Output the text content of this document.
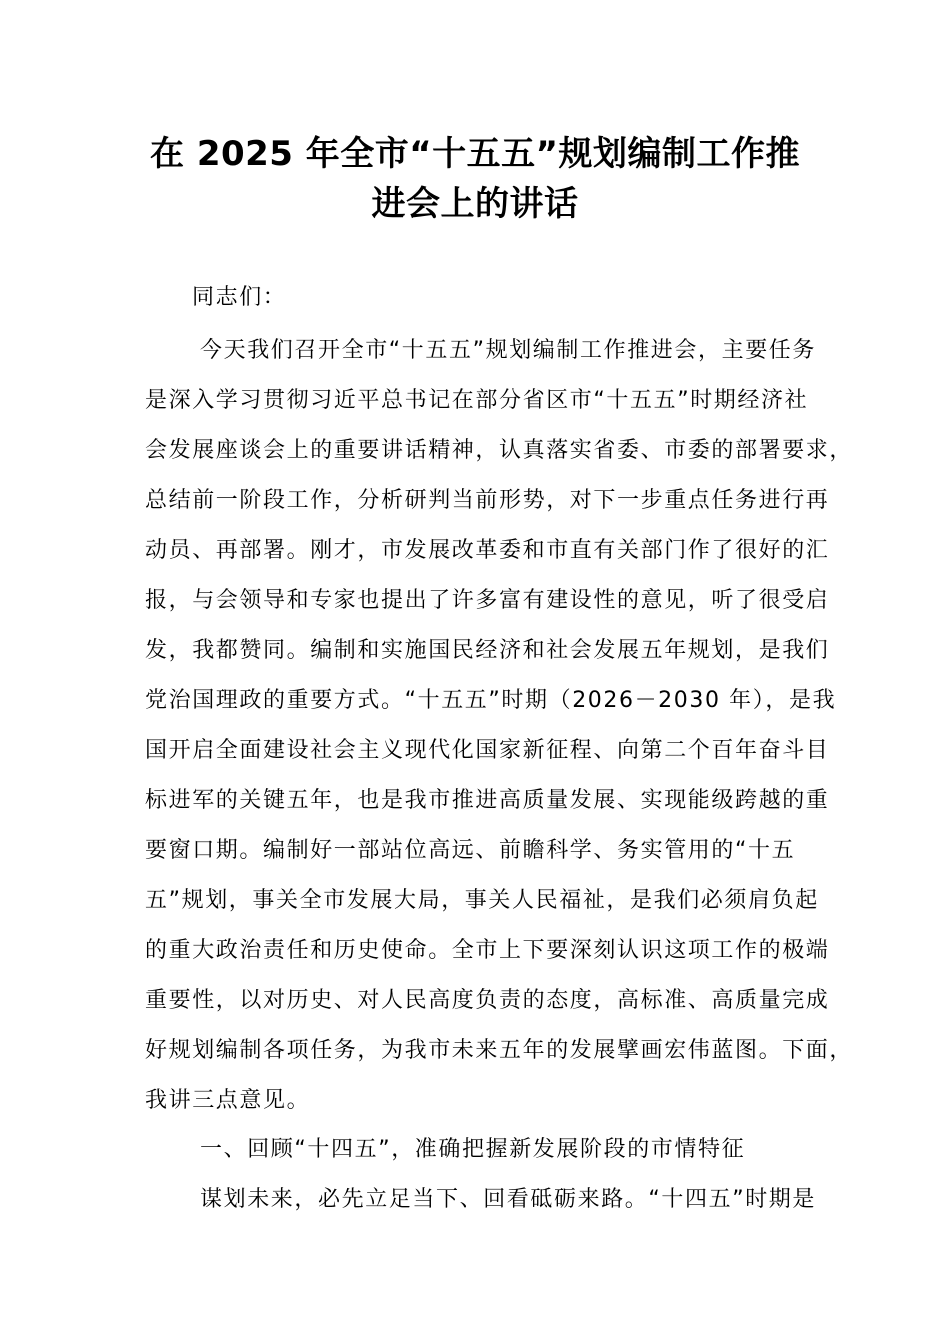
在 2025 年全市“十五五”规划编制工作推
进会上的讲话

同志们：

今天我们召开全市“十五五”规划编制工作推进会，主要任务

是深入学习贯彻习近平总书记在部分省区市“十五五”时期经济社

会发展座谈会上的重要讲话精神，认真落实省委、市委的部署要求，

总结前一阶段工作，分析研判当前形势，对下一步重点任务进行再

动员、再部署。刚才，市发展改革委和市直有关部门作了很好的汇

报，与会领导和专家也提出了许多富有建设性的意见，听了很受启

发，我都赞同。编制和实施国民经济和社会发展五年规划，是我们

党治国理政的重要方式。“十五五”时期（2026－2030 年），是我

国开启全面建设社会主义现代化国家新征程、向第二个百年奋斗目

标进军的关键五年，也是我市推进高质量发展、实现能级跨越的重

要窗口期。编制好一部站位高远、前瞻科学、务实管用的“十五

五”规划，事关全市发展大局，事关人民福祉，是我们必须肩负起

的重大政治责任和历史使命。全市上下要深刻认识这项工作的极端

重要性，以对历史、对人民高度负责的态度，高标准、高质量完成

好规划编制各项任务，为我市未来五年的发展擘画宏伟蓝图。下面，

我讲三点意见。

一、回顾“十四五”，准确把握新发展阶段的市情特征

谋划未来，必先立足当下、回看砥砺来路。“十四五”时期是
